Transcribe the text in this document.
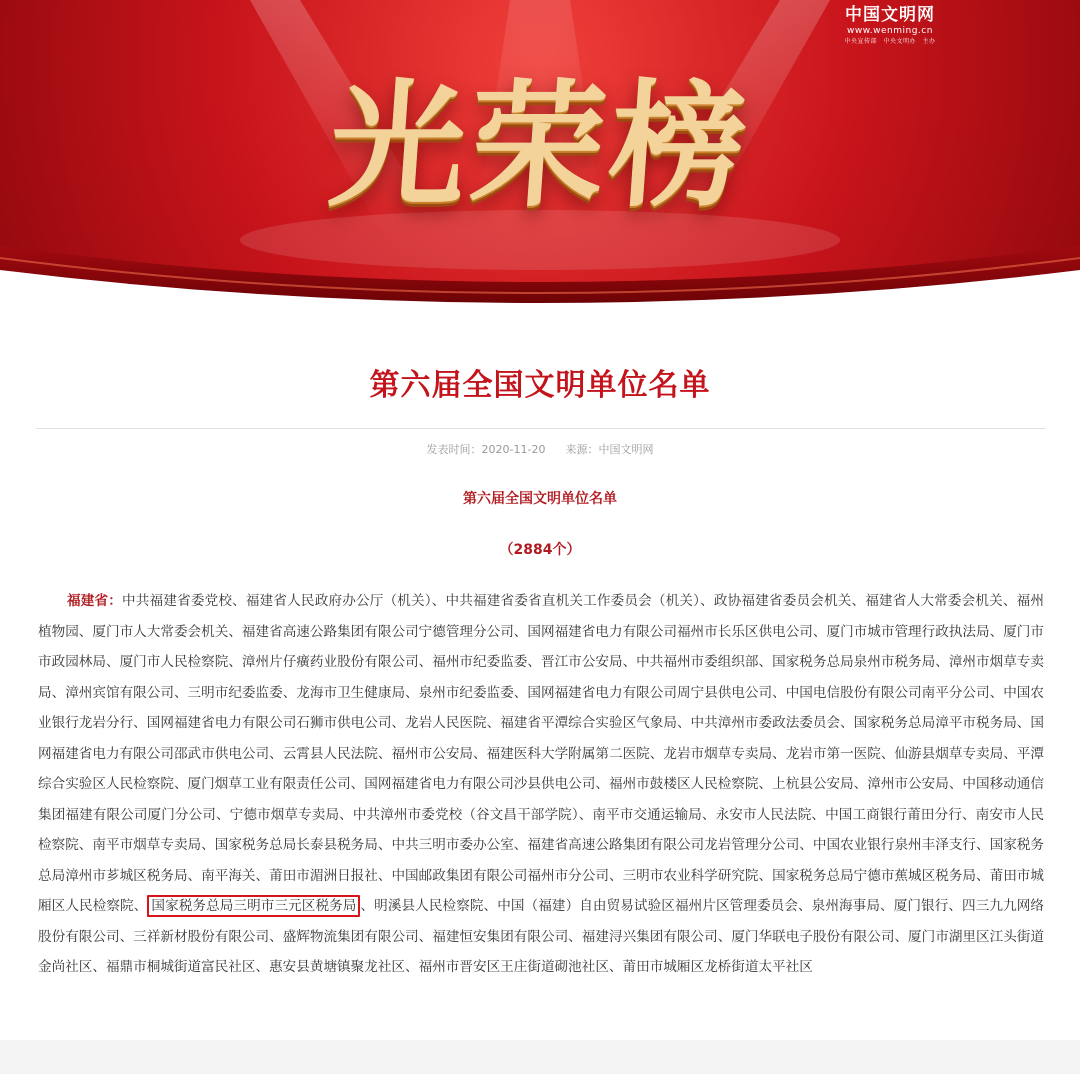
中国文明网
www.wenming.cn
中央宣传部　中央文明办　主办
光荣榜
第六届全国文明单位名单
发表时间：2020-11-20 来源：中国文明网
第六届全国文明单位名单
（2884个）

福建省：中共福建省委党校、福建省人民政府办公厅（机关）、中共福建省委省直机关工作委员会（机关）、政协福建省委员会机关、福建省人大常委会机关、福州植物园、厦门市人大常委会机关、福建省高速公路集团有限公司宁德管理分公司、国网福建省电力有限公司福州市长乐区供电公司、厦门市城市管理行政执法局、厦门市市政园林局、厦门市人民检察院、漳州片仔癀药业股份有限公司、福州市纪委监委、晋江市公安局、中共福州市委组织部、国家税务总局泉州市税务局、漳州市烟草专卖局、漳州宾馆有限公司、三明市纪委监委、龙海市卫生健康局、泉州市纪委监委、国网福建省电力有限公司周宁县供电公司、中国电信股份有限公司南平分公司、中国农业银行龙岩分行、国网福建省电力有限公司石狮市供电公司、龙岩人民医院、福建省平潭综合实验区气象局、中共漳州市委政法委员会、国家税务总局漳平市税务局、国网福建省电力有限公司邵武市供电公司、云霄县人民法院、福州市公安局、福建医科大学附属第二医院、龙岩市烟草专卖局、龙岩市第一医院、仙游县烟草专卖局、平潭综合实验区人民检察院、厦门烟草工业有限责任公司、国网福建省电力有限公司沙县供电公司、福州市鼓楼区人民检察院、上杭县公安局、漳州市公安局、中国移动通信集团福建有限公司厦门分公司、宁德市烟草专卖局、中共漳州市委党校（谷文昌干部学院）、南平市交通运输局、永安市人民法院、中国工商银行莆田分行、南安市人民检察院、南平市烟草专卖局、国家税务总局长泰县税务局、中共三明市委办公室、福建省高速公路集团有限公司龙岩管理分公司、中国农业银行泉州丰泽支行、国家税务总局漳州市芗城区税务局、南平海关、莆田市湄洲日报社、中国邮政集团有限公司福州市分公司、三明市农业科学研究院、国家税务总局宁德市蕉城区税务局、莆田市城厢区人民检察院、 国家税务总局三明市三元区税务局 、明溪县人民检察院、中国（福建）自由贸易试验区福州片区管理委员会、泉州海事局、厦门银行、四三九九网络股份有限公司、三祥新材股份有限公司、盛辉物流集团有限公司、福建恒安集团有限公司、福建浔兴集团有限公司、厦门华联电子股份有限公司、厦门市湖里区江头街道金尚社区、福鼎市桐城街道富民社区、惠安县黄塘镇聚龙社区、福州市晋安区王庄街道砌池社区、莆田市城厢区龙桥街道太平社区
